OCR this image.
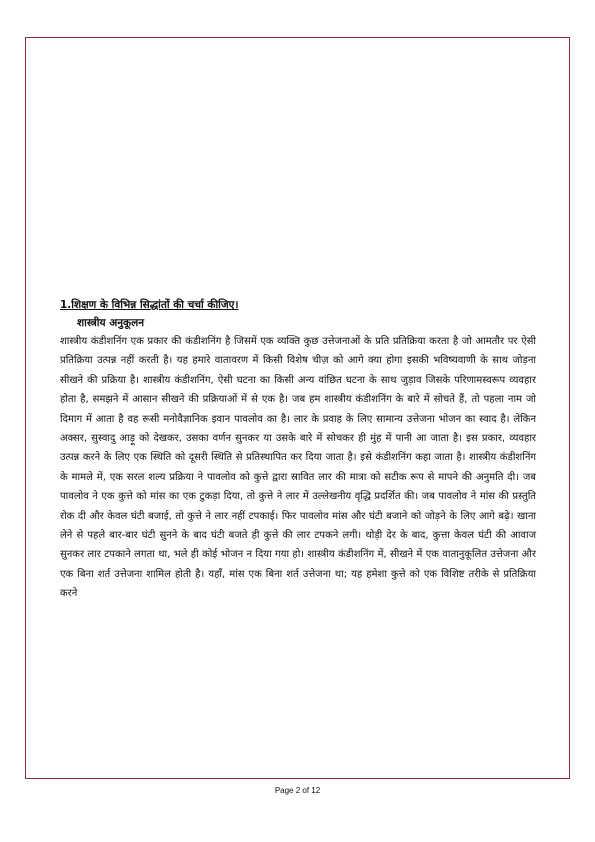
1.शिक्षण के विभिन्न सिद्धांतों की चर्चा कीजिए।
शास्त्रीय अनुकूलन

शास्त्रीय कंडीशनिंग एक प्रकार की कंडीशनिंग है जिसमें एक व्यक्ति कुछ उत्तेजनाओं के प्रति प्रतिक्रिया करता है जो आमतौर पर ऐसी प्रतिक्रिया उत्पन्न नहीं करती है। यह हमारे वातावरण में किसी विशेष चीज़ को आगे क्या होगा इसकी भविष्यवाणी के साथ जोड़ना सीखने की प्रक्रिया है। शास्त्रीय कंडीशनिंग, ऐसी घटना का किसी अन्य वांछित घटना के साथ जुड़ाव जिसके परिणामस्वरूप व्यवहार होता है, समझने में आसान सीखने की प्रक्रियाओं में से एक है। जब हम शास्त्रीय कंडीशनिंग के बारे में सोचते हैं, तो पहला नाम जो दिमाग में आता है वह रूसी मनोवैज्ञानिक इवान पावलोव का है। लार के प्रवाह के लिए सामान्य उत्तेजना भोजन का स्वाद है। लेकिन अक्सर, सुस्वादु आड़ू को देखकर, उसका वर्णन सुनकर या उसके बारे में सोचकर ही मुंह में पानी आ जाता है। इस प्रकार, व्यवहार उत्पन्न करने के लिए एक स्थिति को दूसरी स्थिति से प्रतिस्थापित कर दिया जाता है। इसे कंडीशनिंग कहा जाता है। शास्त्रीय कंडीशनिंग के मामले में, एक सरल शल्य प्रक्रिया ने पावलोव को कुत्ते द्वारा स्रावित लार की मात्रा को सटीक रूप से मापने की अनुमति दी। जब पावलोव ने एक कुत्ते को मांस का एक टुकड़ा दिया, तो कुत्ते ने लार में उल्लेखनीय वृद्धि प्रदर्शित की। जब पावलोव ने मांस की प्रस्तुति रोक दी और केवल घंटी बजाई, तो कुत्ते ने लार नहीं टपकाई। फिर पावलोव मांस और घंटी बजाने को जोड़ने के लिए आगे बढ़े। खाना लेने से पहले बार-बार घंटी सुनने के बाद घंटी बजते ही कुत्ते की लार टपकने लगी। थोड़ी देर के बाद, कुत्ता केवल घंटी की आवाज सुनकर लार टपकाने लगता था, भले ही कोई भोजन न दिया गया हो। शास्त्रीय कंडीशनिंग में, सीखने में एक वातानुकूलित उत्तेजना और एक बिना शर्त उत्तेजना शामिल होती है। यहाँ, मांस एक बिना शर्त उत्तेजना था; यह हमेशा कुत्ते को एक विशिष्ट तरीके से प्रतिक्रिया करने

Page 2 of 12
